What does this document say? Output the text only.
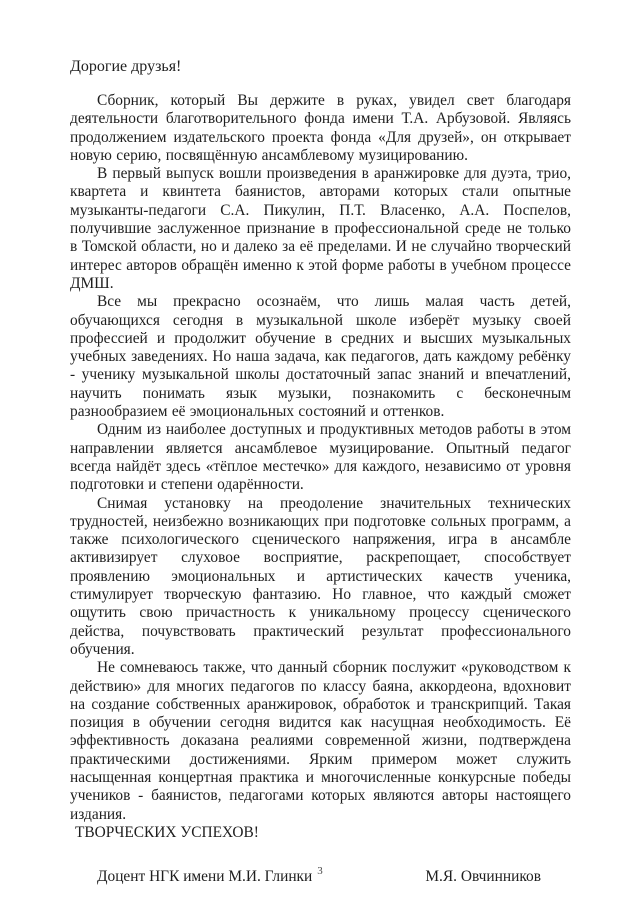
Дорогие друзья!

Сборник, который Вы держите в руках, увидел свет благодаря деятельности благотворительного фонда имени Т.А. Арбузовой. Являясь продолжением издательского проекта фонда «Для друзей», он открывает новую серию, посвящённую ансамблевому музицированию.

В первый выпуск вошли произведения в аранжировке для дуэта, трио, квартета и квинтета баянистов, авторами которых стали опытные музыканты-педагоги С.А. Пикулин, П.Т. Власенко, А.А. Поспелов, получившие заслуженное признание в профессиональной среде не только в Томской области, но и далеко за её пределами. И не случайно творческий интерес авторов обращён именно к этой форме работы в учебном процессе ДМШ.

Все мы прекрасно осознаём, что лишь малая часть детей, обучающихся сегодня в музыкальной школе изберёт музыку своей профессией и продолжит обучение в средних и высших музыкальных учебных заведениях. Но наша задача, как педагогов, дать каждому ребёнку - ученику музыкальной школы достаточный запас знаний и впечатлений, научить понимать язык музыки, познакомить с бесконечным разнообразием её эмоциональных состояний и оттенков.

Одним из наиболее доступных и продуктивных методов работы в этом направлении является ансамблевое музицирование. Опытный педагог всегда найдёт здесь «тёплое местечко» для каждого, независимо от уровня подготовки и степени одарённости.

Снимая установку на преодоление значительных технических трудностей, неизбежно возникающих при подготовке сольных программ, а также психологического сценического напряжения, игра в ансамбле активизирует слуховое восприятие, раскрепощает, способствует проявлению эмоциональных и артистических качеств ученика, стимулирует творческую фантазию. Но главное, что каждый сможет ощутить свою причастность к уникальному процессу сценического действа, почувствовать практический результат профессионального обучения.

Не сомневаюсь также, что данный сборник послужит «руководством к действию» для многих педагогов по классу баяна, аккордеона, вдохновит на создание собственных аранжировок, обработок и транскрипций. Такая позиция в обучении сегодня видится как насущная необходимость. Её эффективность доказана реалиями современной жизни, подтверждена практическими достижениями. Ярким примером может служить насыщенная концертная практика и многочисленные конкурсные победы учеников - баянистов, педагогами которых являются авторы настоящего издания.

ТВОРЧЕСКИХ УСПЕХОВ!

Доцент НГК имени М.И. Глинки	М.Я. Овчинников
3
